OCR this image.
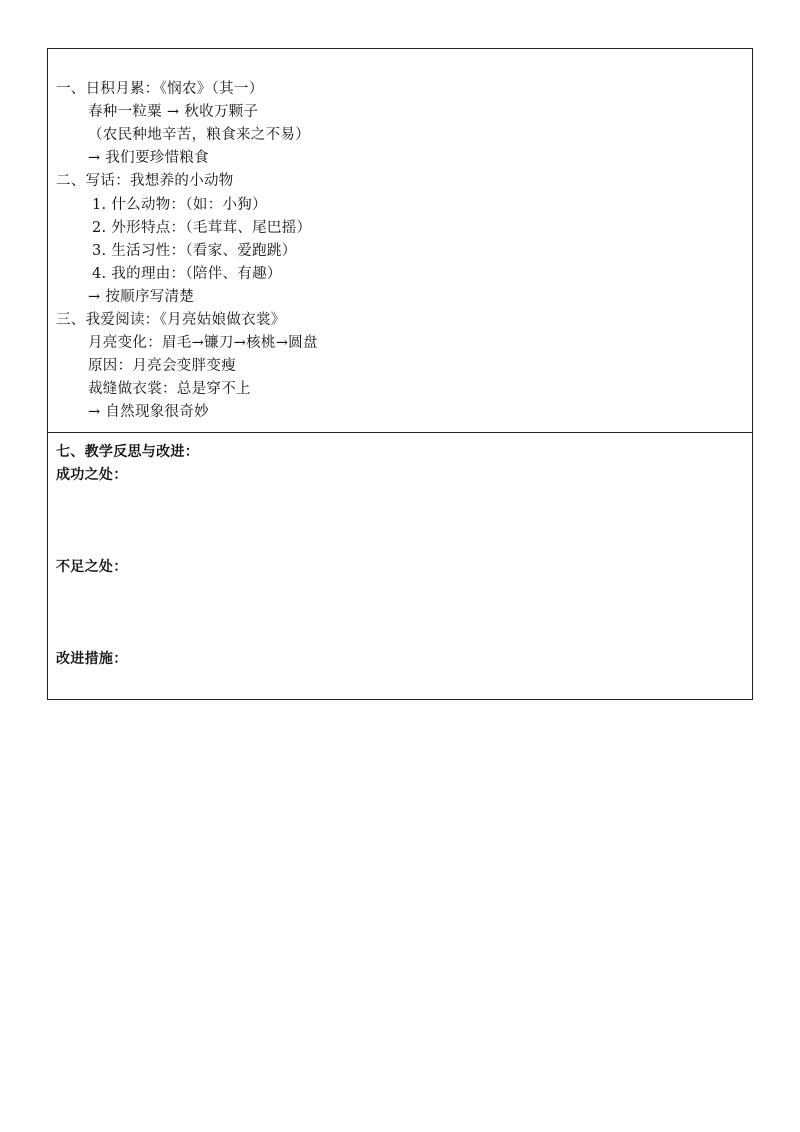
一、日积月累：《悯农》（其一）
春种一粒粟 → 秋收万颗子
（农民种地辛苦，粮食来之不易）
→ 我们要珍惜粮食
二、写话：我想养的小动物
1. 什么动物：（如：小狗）
2. 外形特点：（毛茸茸、尾巴摇）
3. 生活习性：（看家、爱跑跳）
4. 我的理由：（陪伴、有趣）
→ 按顺序写清楚
三、我爱阅读：《月亮姑娘做衣裳》
月亮变化：眉毛→镰刀→核桃→圆盘
原因：月亮会变胖变瘦
裁缝做衣裳：总是穿不上
→ 自然现象很奇妙
七、教学反思与改进：
成功之处：
不足之处：
改进措施：
